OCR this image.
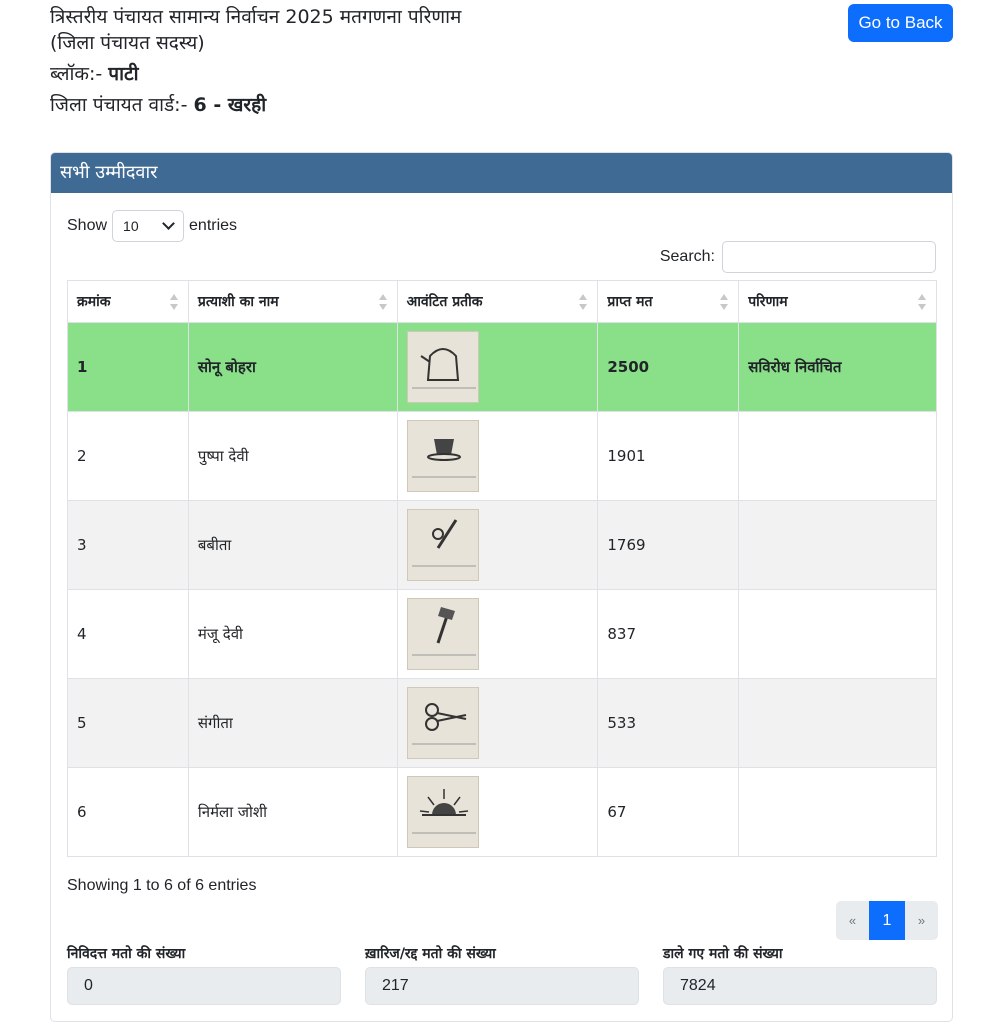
त्रिस्तरीय पंचायत सामान्य निर्वाचन 2025 मतगणना परिणाम
(जिला पंचायत सदस्य)
ब्लॉक:- पाटी
जिला पंचायत वार्ड:- 6 - खरही
Go to Back
सभी उम्मीदवार
Show 10	entries
Search:
क्रमांक	प्रत्याशी का नाम	आवंटित प्रतीक	प्राप्त मत	परिणाम

1	सोनू बोहरा		2500	सविरोध निर्वाचित
2	पुष्पा देवी		1901	
3	बबीता		1769	
4	मंजू देवी		837	
5	संगीता		533	
6	निर्मला जोशी		67	
Showing 1 to 6 of 6 entries
«	1	»
निविदत्त मतो की संख्या
0
ख़ारिज/रद्द मतो की संख्या
217
डाले गए मतो की संख्या
7824
